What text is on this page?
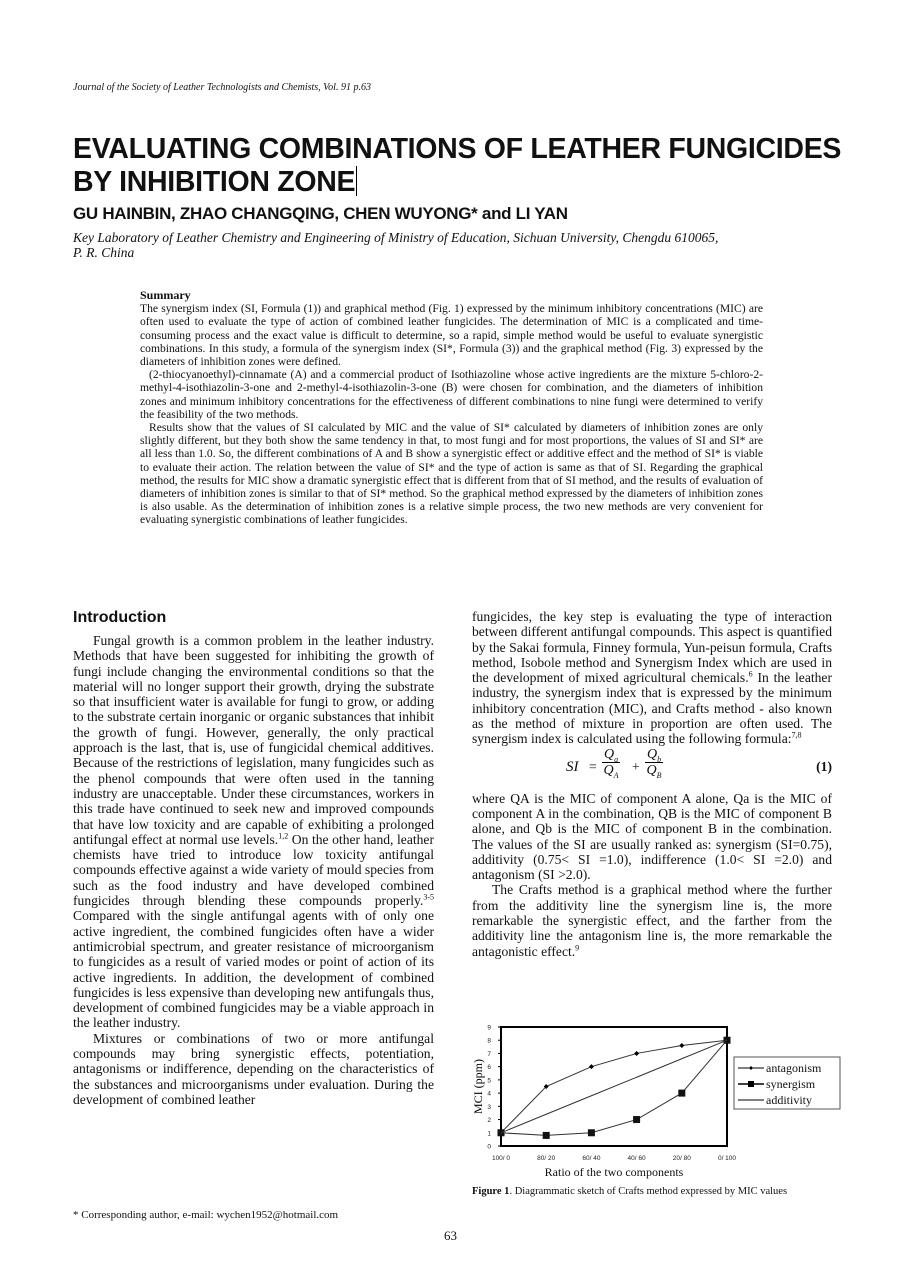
Journal of the Society of Leather Technologists and Chemists, Vol. 91 p.63
EVALUATING COMBINATIONS OF LEATHER FUNGICIDES
BY INHIBITION ZONE
GU HAINBIN, ZHAO CHANGQING, CHEN WUYONG* and LI YAN
Key Laboratory of Leather Chemistry and Engineering of Ministry of Education, Sichuan University, Chengdu 610065,
P. R. China
Summary

The synergism index (SI, Formula (1)) and graphical method (Fig. 1) expressed by the minimum inhibitory concentrations (MIC) are often used to evaluate the type of action of combined leather fungicides. The determination of MIC is a complicated and time-consuming process and the exact value is difficult to determine, so a rapid, simple method would be useful to evaluate synergistic combinations. In this study, a formula of the synergism index (SI*, Formula (3)) and the graphical method (Fig. 3) expressed by the diameters of inhibition zones were defined.

(2-thiocyanoethyl)-cinnamate (A) and a commercial product of Isothiazoline whose active ingredients are the mixture 5-chloro-2-methyl-4-isothiazolin-3-one and 2-methyl-4-isothiazolin-3-one (B) were chosen for combination, and the diameters of inhibition zones and minimum inhibitory concentrations for the effectiveness of different combinations to nine fungi were determined to verify the feasibility of the two methods.

Results show that the values of SI calculated by MIC and the value of SI* calculated by diameters of inhibition zones are only slightly different, but they both show the same tendency in that, to most fungi and for most proportions, the values of SI and SI* are all less than 1.0. So, the different combinations of A and B show a synergistic effect or additive effect and the method of SI* is viable to evaluate their action. The relation between the value of SI* and the type of action is same as that of SI. Regarding the graphical method, the results for MIC show a dramatic synergistic effect that is different from that of SI method, and the results of evaluation of diameters of inhibition zones is similar to that of SI* method. So the graphical method expressed by the diameters of inhibition zones is also usable. As the determination of inhibition zones is a relative simple process, the two new methods are very convenient for evaluating synergistic combinations of leather fungicides.

Introduction

Fungal growth is a common problem in the leather industry. Methods that have been suggested for inhibiting the growth of fungi include changing the environmental conditions so that the material will no longer support their growth, drying the substrate so that insufficient water is available for fungi to grow, or adding to the substrate certain inorganic or organic substances that inhibit the growth of fungi. However, generally, the only practical approach is the last, that is, use of fungicidal chemical additives. Because of the restrictions of legislation, many fungicides such as the phenol compounds that were often used in the tanning industry are unacceptable. Under these circumstances, workers in this trade have continued to seek new and improved compounds that have low toxicity and are capable of exhibiting a prolonged antifungal effect at normal use levels.$^{1,2}$ On the other hand, leather chemists have tried to introduce low toxicity antifungal compounds effective against a wide variety of mould species from such as the food industry and have developed combined fungicides through blending these compounds properly.$^{3-5}$ Compared with the single antifungal agents with of only one active ingredient, the combined fungicides often have a wider antimicrobial spectrum, and greater resistance of microorganism to fungicides as a result of varied modes or point of action of its active ingredients. In addition, the development of combined fungicides is less expensive than developing new antifungals thus, development of combined fungicides may be a viable approach in the leather industry.

Mixtures or combinations of two or more antifungal compounds may bring synergistic effects, potentiation, antagonisms or indifference, depending on the characteristics of the substances and microorganisms under evaluation. During the development of combined leather

fungicides, the key step is evaluating the type of interaction between different antifungal compounds. This aspect is quantified by the Sakai formula, Finney formula, Yun-peisun formula, Crafts method, Isobole method and Synergism Index which are used in the development of mixed agricultural chemicals.$^6$ In the leather industry, the synergism index that is expressed by the minimum inhibitory concentration (MIC), and Crafts method - also known as the method of mixture in proportion are often used. The synergism index is calculated using the following formula:$^{7,8}$

SI = $\frac{Q_a}{Q_A} + \frac{Q_b}{Q_B}$	(1)

where QA is the MIC of component A alone, Qa is the MIC of component A in the combination, QB is the MIC of component B alone, and Qb is the MIC of component B in the combination. The values of the SI are usually ranked as: synergism (SI=0.75), additivity (0.75< SI =1.0), indifference (1.0< SI =2.0) and antagonism (SI >2.0).

The Crafts method is a graphical method where the further from the additivity line the synergism line is, the more remarkable the synergistic effect, and the farther from the additivity line the antagonism line is, the more remarkable the antagonistic effect.$^9$

0
1
2
3
4
5
6
7
8
9
100/ 0	80/ 20	60/ 40	40/ 60	20/ 80	0/ 100
MCI (ppm)	antagonism
synergism
additivity
Ratio of the two components
Figure 1. Diagrammatic sketch of Crafts method expressed by MIC values
* Corresponding author, e-mail: wychen1952@hotmail.com
63
